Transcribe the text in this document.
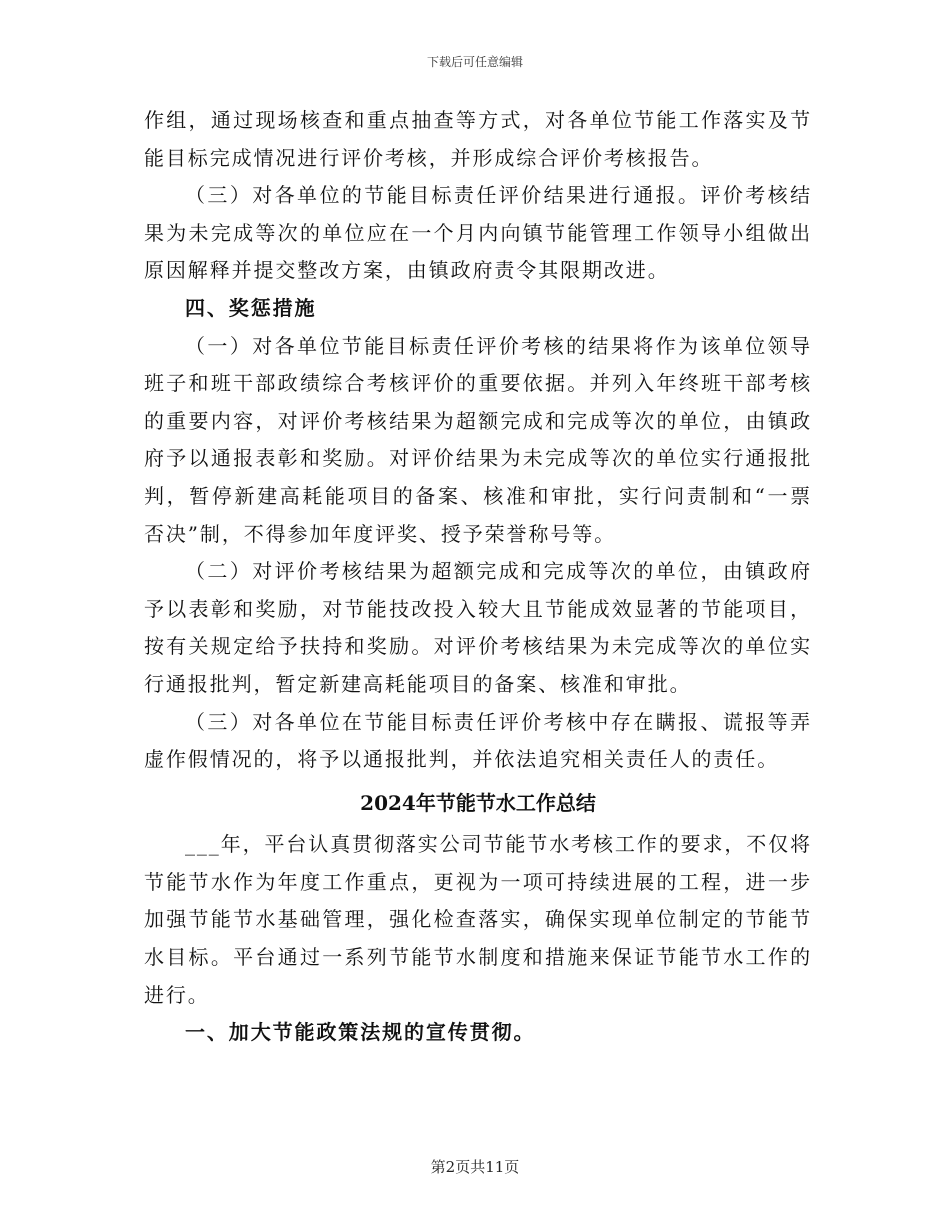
下载后可任意编辑

作组，通过现场核查和重点抽查等方式，对各单位节能工作落实及节能目标完成情况进行评价考核，并形成综合评价考核报告。

（三）对各单位的节能目标责任评价结果进行通报。评价考核结果为未完成等次的单位应在一个月内向镇节能管理工作领导小组做出原因解释并提交整改方案，由镇政府责令其限期改进。

四、奖惩措施

（一）对各单位节能目标责任评价考核的结果将作为该单位领导班子和班干部政绩综合考核评价的重要依据。并列入年终班干部考核的重要内容，对评价考核结果为超额完成和完成等次的单位，由镇政府予以通报表彰和奖励。对评价结果为未完成等次的单位实行通报批判，暂停新建高耗能项目的备案、核准和审批，实行问责制和“一票否决”制，不得参加年度评奖、授予荣誉称号等。

（二）对评价考核结果为超额完成和完成等次的单位，由镇政府予以表彰和奖励，对节能技改投入较大且节能成效显著的节能项目，按有关规定给予扶持和奖励。对评价考核结果为未完成等次的单位实行通报批判，暂定新建高耗能项目的备案、核准和审批。

（三）对各单位在节能目标责任评价考核中存在瞒报、谎报等弄虚作假情况的，将予以通报批判，并依法追究相关责任人的责任。

2024年节能节水工作总结

___年，平台认真贯彻落实公司节能节水考核工作的要求，不仅将节能节水作为年度工作重点，更视为一项可持续进展的工程，进一步加强节能节水基础管理，强化检查落实，确保实现单位制定的节能节水目标。平台通过一系列节能节水制度和措施来保证节能节水工作的进行。

一、加大节能政策法规的宣传贯彻。

第2页共11页
